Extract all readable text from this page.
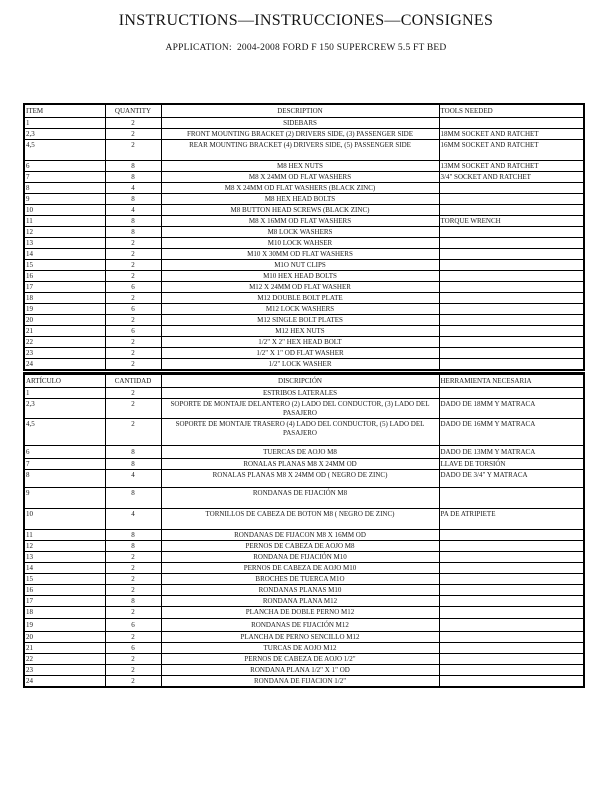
INSTRUCTIONS—INSTRUCCIONES—CONSIGNES
APPLICATION:  2004-2008 FORD F 150 SUPERCREW 5.5 FT BED
ITEM	QUANTITY	DESCRIPTION	TOOLS NEEDED
1	2	SIDEBARS	
2,3	2	FRONT MOUNTING BRACKET (2) DRIVERS SIDE, (3) PASSENGER SIDE	18MM SOCKET AND RATCHET
4,5	2	REAR MOUNTING BRACKET (4) DRIVERS SIDE, (5) PASSENGER SIDE	16MM SOCKET AND RATCHET
6	8	M8 HEX NUTS	13MM SOCKET AND RATCHET
7	8	M8 X 24MM OD FLAT WASHERS	3/4" SOCKET AND RATCHET
8	4	M8 X 24MM OD FLAT WASHERS (BLACK ZINC)	
9	8	M8 HEX HEAD BOLTS	
10	4	M8 BUTTON HEAD SCREWS (BLACK ZINC)	
11	8	M8 X 16MM OD FLAT WASHERS	TORQUE WRENCH
12	8	M8 LOCK WASHERS	
13	2	M10 LOCK WAHSER	
14	2	M10 X 30MM OD FLAT WASHERS	
15	2	M1O NUT CLIPS	
16	2	M10 HEX HEAD BOLTS	
17	6	M12 X 24MM OD FLAT WASHER	
18	2	M12 DOUBLE BOLT PLATE	
19	6	M12 LOCK WASHERS	
20	2	M12 SINGLE BOLT PLATES	
21	6	M12 HEX NUTS	
22	2	1/2" X 2" HEX HEAD BOLT	
23	2	1/2" X 1" OD FLAT WASHER	
24	2	1/2" LOCK WASHER	
ARTÍCULO	CANTIDAD	DISCRIPCIÓN	HERRAMIENTA NECESARIA
1	2	ESTRIBOS LATERALES	
2,3	2	SOPORTE DE MONTAJE DELANTERO (2) LADO DEL CONDUCTOR, (3) LADO DEL PASAJERO	DADO DE 18MM Y MATRACA
4,5	2	SOPORTE DE MONTAJE TRASERO (4) LADO DEL CONDUCTOR, (5) LADO DEL PASAJERO	DADO DE 16MM Y MATRACA
6	8	TUERCAS DE AOJO M8	DADO DE 13MM Y MATRACA
7	8	RONALAS PLANAS M8 X 24MM OD	LLAVE DE TORSIÓN
8	4	RONALAS PLANAS M8 X 24MM OD ( NEGRO DE ZINC)	DADO DE 3/4" Y MATRACA
9	8	RONDANAS DE FIJACIÓN M8	
10	4	TORNILLOS DE CABEZA DE BOTON M8 ( NEGRO DE ZINC)	PA DE ATRIPIETE
11	8	RONDANAS DE FIJACON M8 X 16MM OD	
12	8	PERNOS DE CABEZA DE AOJO M8	
13	2	RONDANA DE FIJACIÓN M10	
14	2	PERNOS DE CABEZA DE AOJO M10	
15	2	BROCHES DE TUERCA M1O	
16	2	RONDANAS PLANAS M10	
17	8	RONDANA PLANA M12	
18	2	PLANCHA DE DOBLE PERNO M12	
19	6	RONDANAS DE FIJACIÓN M12	
20	2	PLANCHA DE PERNO SENCILLO M12	
21	6	TURCAS DE AOJO M12	
22	2	PERNOS DE CABEZA DE AOJO 1/2"	
23	2	RONDANA PLANA 1/2" X 1" OD	
24	2	RONDANA DE FIJACION 1/2"	
